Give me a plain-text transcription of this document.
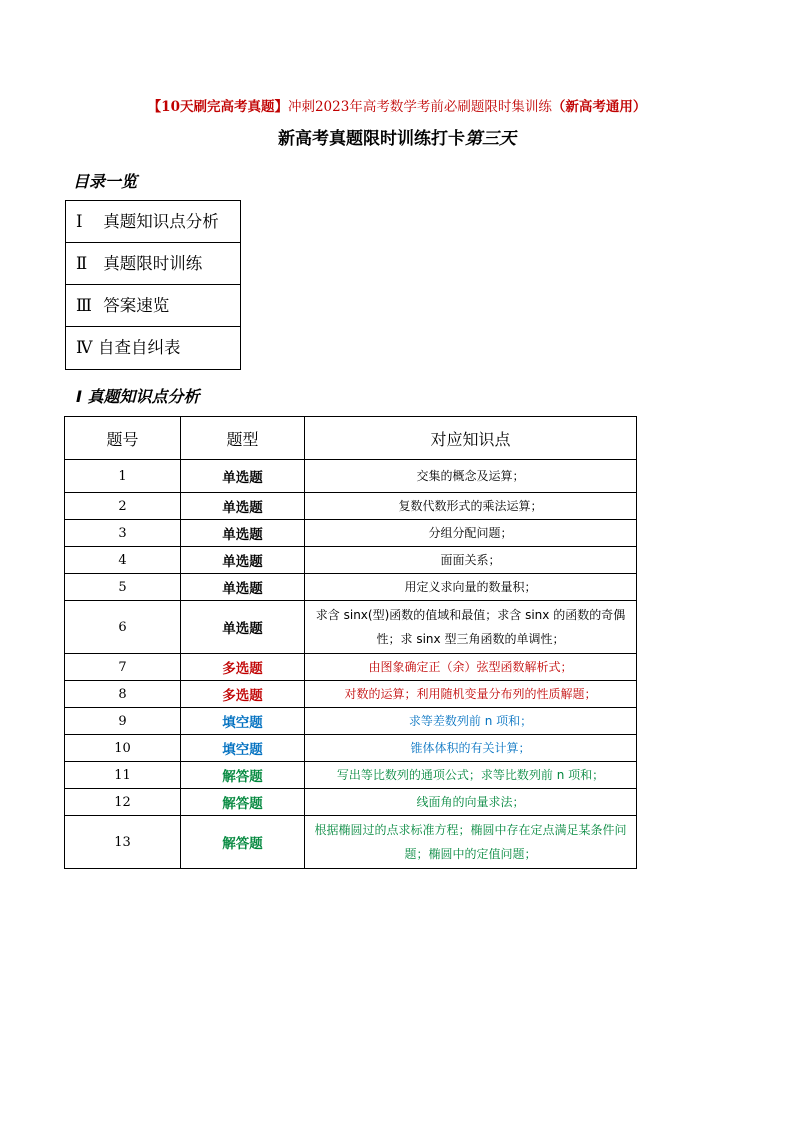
【10天刷完高考真题】冲刺2023年高考数学考前必刷题限时集训练（新高考通用）
新高考真题限时训练打卡第三天
目录一览
Ⅰ 真题知识点分析
Ⅱ 真题限时训练
Ⅲ 答案速览
Ⅳ 自查自纠表
Ⅰ 真题知识点分析
题号	题型	对应知识点
1	单选题	交集的概念及运算；
2	单选题	复数代数形式的乘法运算；
3	单选题	分组分配问题；
4	单选题	面面关系；
5	单选题	用定义求向量的数量积；
6	单选题	求含 sinx(型)函数的值域和最值；求含 sinx 的函数的奇偶性；求 sinx 型三角函数的单调性；
7	多选题	由图象确定正（余）弦型函数解析式；
8	多选题	对数的运算；利用随机变量分布列的性质解题；
9	填空题	求等差数列前 n 项和；
10	填空题	锥体体积的有关计算；
11	解答题	写出等比数列的通项公式；求等比数列前 n 项和；
12	解答题	线面角的向量求法；
13	解答题	根据椭圆过的点求标准方程；椭圆中存在定点满足某条件问题；椭圆中的定值问题；
